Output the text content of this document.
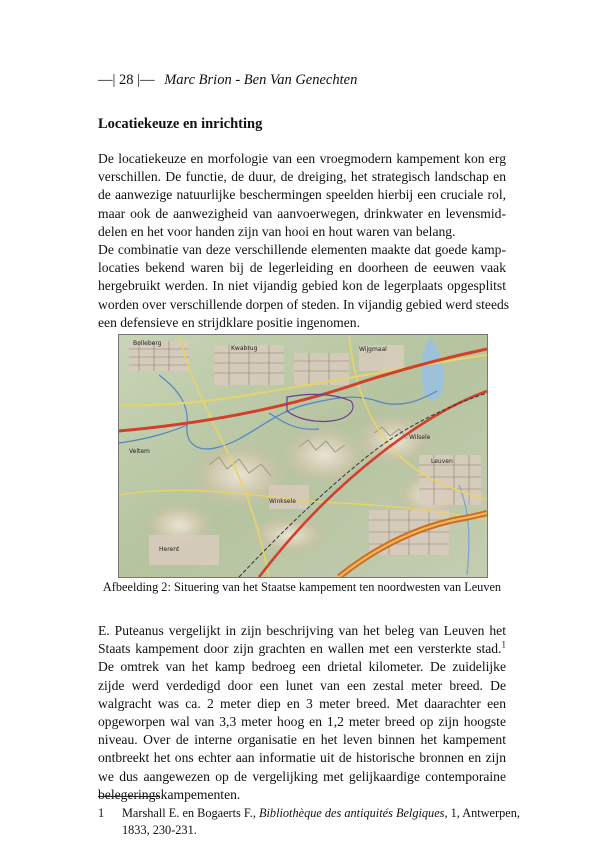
—| 28 |— Marc Brion - Ben Van Genechten
Locatiekeuze en inrichting
De locatiekeuze en morfologie van een vroegmodern kampement kon erg
verschillen. De functie, de duur, de dreiging, het strategisch landschap en
de aanwezige natuurlijke beschermingen speelden hierbij een cruciale rol,
maar ook de aanwezigheid van aanvoerwegen, drinkwater en levensmid-
delen en het voor handen zijn van hooi en hout waren van belang.
De combinatie van deze verschillende elementen maakte dat goede kamp-
locaties bekend waren bij de legerleiding en doorheen de eeuwen vaak
hergebruikt werden. In niet vijandig gebied kon de legerplaats opgesplitst
worden over verschillende dorpen of steden. In vijandig gebied werd steeds
een defensieve en strijdklare positie ingenomen.
Bolleberg
Kwabrug	Wijgmaal
Wilsele
Leuven
Herent
Veltem
Winksele
Afbeelding 2: Situering van het Staatse kampement ten noordwesten van Leuven
E. Puteanus vergelijkt in zijn beschrijving van het beleg van Leuven het
Staats kampement door zijn grachten en wallen met een versterkte stad.$^1$
De omtrek van het kamp bedroeg een drietal kilometer. De zuidelijke
zijde werd verdedigd door een lunet van een zestal meter breed. De
walgracht was ca. 2 meter diep en 3 meter breed. Met daarachter een
opgeworpen wal van 3,3 meter hoog en 1,2 meter breed op zijn hoogste
niveau. Over de interne organisatie en het leven binnen het kampement
ontbreekt het ons echter aan informatie uit de historische bronnen en zijn
we dus aangewezen op de vergelijking met gelijkaardige contemporaine
belegeringskampementen.
1 Marshall E. en Bogaerts F., Bibliothèque des antiquités Belgiques, 1, Antwerpen,
1833, 230-231.
